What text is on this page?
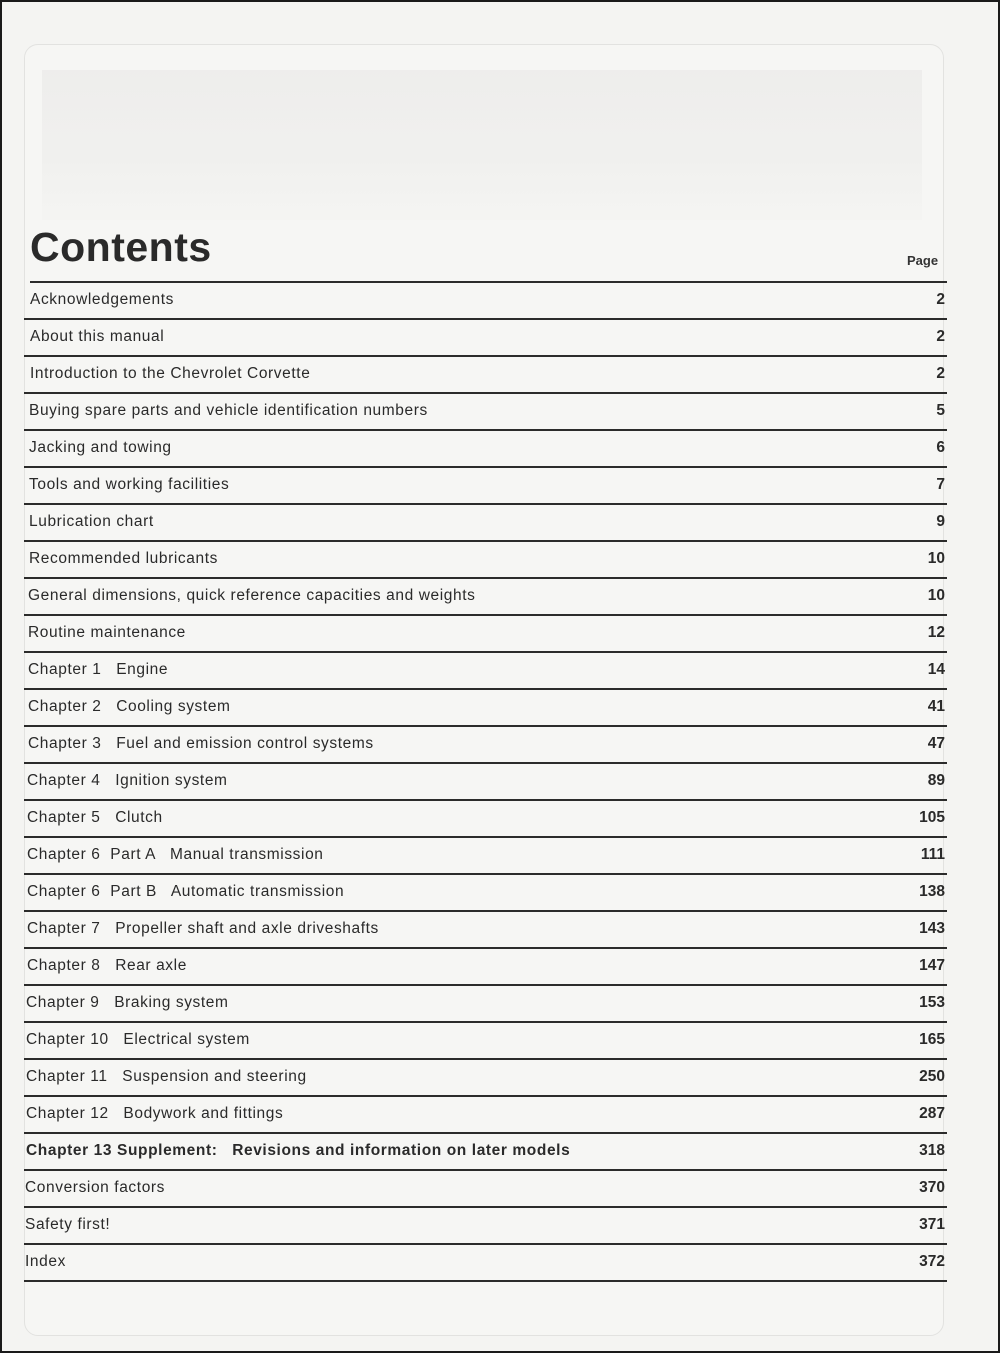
Contents	Page
Acknowledgements	2
About this manual	2
Introduction to the Chevrolet Corvette	2
Buying spare parts and vehicle identification numbers	5
Jacking and towing	6
Tools and working facilities	7
Lubrication chart	9
Recommended lubricants	10
General dimensions, quick reference capacities and weights	10
Routine maintenance	12
Chapter 1   Engine	14
Chapter 2   Cooling system	41
Chapter 3   Fuel and emission control systems	47
Chapter 4   Ignition system	89
Chapter 5   Clutch	105
Chapter 6  Part A   Manual transmission	111
Chapter 6  Part B   Automatic transmission	138
Chapter 7   Propeller shaft and axle driveshafts	143
Chapter 8   Rear axle	147
Chapter 9   Braking system	153
Chapter 10   Electrical system	165
Chapter 11   Suspension and steering	250
Chapter 12   Bodywork and fittings	287
Chapter 13 Supplement:   Revisions and information on later models	318
Conversion factors	370
Safety first!	371
Index	372
